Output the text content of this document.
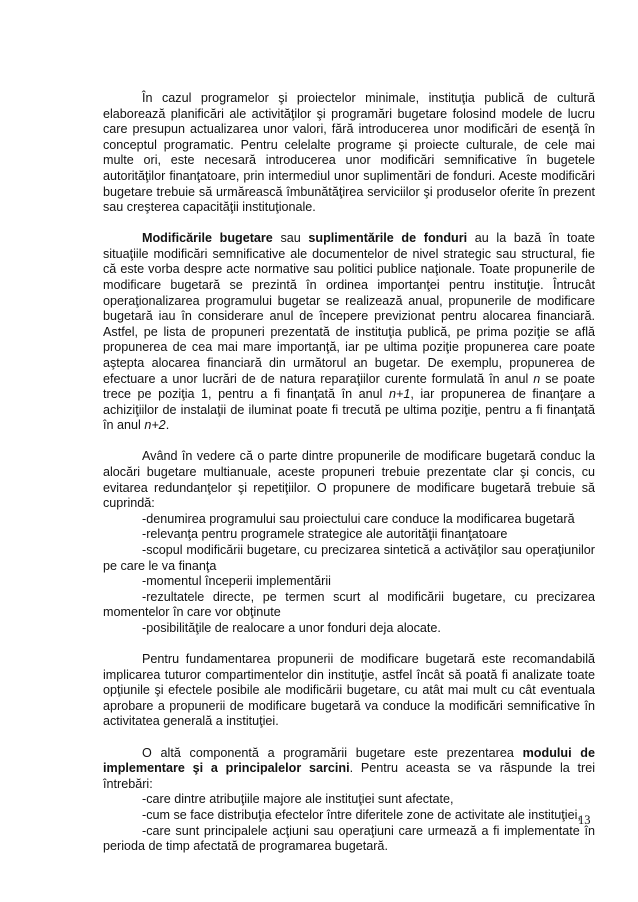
În cazul programelor şi proiectelor minimale, instituţia publică de cultură elaborează planificări ale activităţilor şi programări bugetare folosind modele de lucru care presupun actualizarea unor valori, fără introducerea unor modificări de esenţă în conceptul programatic. Pentru celelalte programe şi proiecte culturale, de cele mai multe ori, este necesară introducerea unor modificări semnificative în bugetele autorităţilor finanţatoare, prin intermediul unor suplimentări de fonduri. Aceste modificări bugetare trebuie să urmărească îmbunătăţirea serviciilor şi produselor oferite în prezent sau creşterea capacităţii instituţionale.

Modificările bugetare sau suplimentările de fonduri au la bază în toate situaţiile modificări semnificative ale documentelor de nivel strategic sau structural, fie că este vorba despre acte normative sau politici publice naţionale. Toate propunerile de modificare bugetară se prezintă în ordinea importanţei pentru instituţie. Întrucât operaţionalizarea programului bugetar se realizează anual, propunerile de modificare bugetară iau în considerare anul de începere previzionat pentru alocarea financiară. Astfel, pe lista de propuneri prezentată de instituţia publică, pe prima poziţie se află propunerea de cea mai mare importanţă, iar pe ultima poziţie propunerea care poate aştepta alocarea financiară din următorul an bugetar. De exemplu, propunerea de efectuare a unor lucrări de de natura reparaţiilor curente formulată în anul n se poate trece pe poziţia 1, pentru a fi finanţată în anul n+1, iar propunerea de finanţare a achiziţiilor de instalaţii de iluminat poate fi trecută pe ultima poziţie, pentru a fi finanţată în anul n+2.

Având în vedere că o parte dintre propunerile de modificare bugetară conduc la alocări bugetare multianuale, aceste propuneri trebuie prezentate clar şi concis, cu evitarea redundanţelor şi repetiţiilor. O propunere de modificare bugetară trebuie să cuprindă:

-denumirea programului sau proiectului care conduce la modificarea bugetară

-relevanţa pentru programele strategice ale autorităţii finanţatoare

-scopul modificării bugetare, cu precizarea sintetică a activăţilor sau operaţiunilor pe care le va finanţa

-momentul începerii implementării

-rezultatele directe, pe termen scurt al modificării bugetare, cu precizarea momentelor în care vor obţinute

-posibilităţile de realocare a unor fonduri deja alocate.

Pentru fundamentarea propunerii de modificare bugetară este recomandabilă implicarea tuturor compartimentelor din instituţie, astfel încât să poată fi analizate toate opţiunile şi efectele posibile ale modificării bugetare, cu atât mai mult cu cât eventuala aprobare a propunerii de modificare bugetară va conduce la modificări semnificative în activitatea generală a instituţiei.

O altă componentă a programării bugetare este prezentarea modului de implementare şi a principalelor sarcini. Pentru aceasta se va răspunde la trei întrebări:

-care dintre atribuţiile majore ale instituţiei sunt afectate,

-cum se face distribuţia efectelor între diferitele zone de activitate ale instituţiei,

-care sunt principalele acţiuni sau operaţiuni care urmează a fi implementate în perioda de timp afectată de programarea bugetară.

13
